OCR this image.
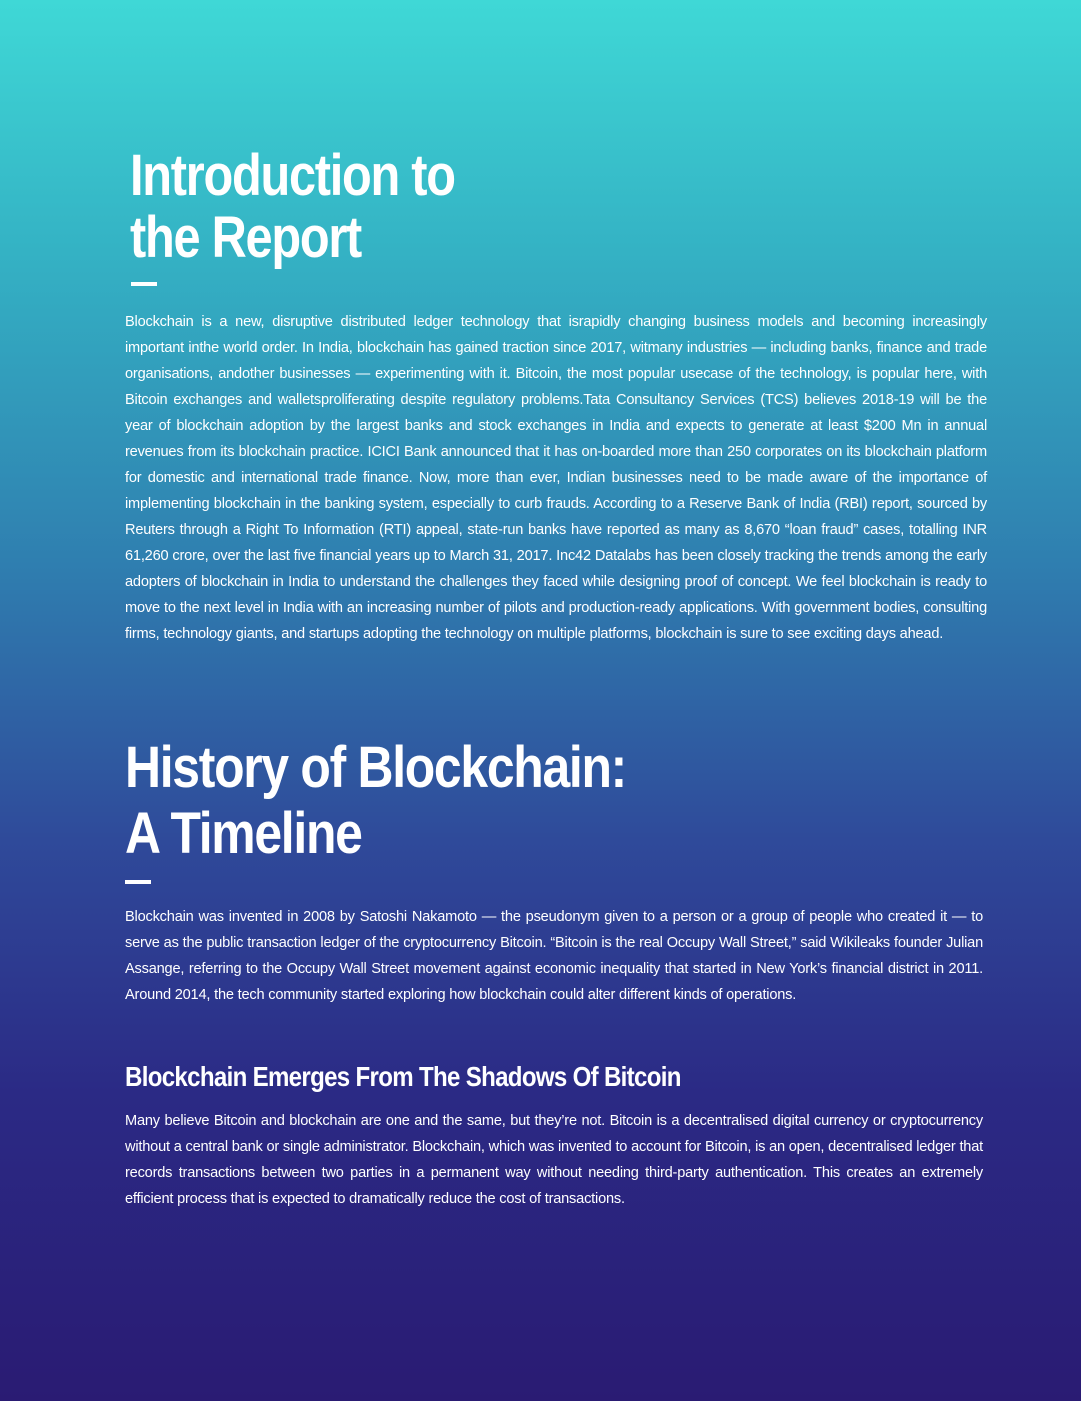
Introduction to
the Report

Blockchain is a new, disruptive distributed ledger technology that israpidly changing business models and becoming increasingly important inthe world order. In India, blockchain has gained traction since 2017, witmany industries — including banks, finance and trade organisations, andother businesses — experimenting with it. Bitcoin, the most popular usecase of the technology, is popular here, with Bitcoin exchanges and walletsproliferating despite regulatory problems.Tata Consultancy Services (TCS) believes 2018-19 will be the year of blockchain adoption by the largest banks and stock exchanges in India and expects to generate at least $200 Mn in annual revenues from its blockchain practice. ICICI Bank announced that it has on-boarded more than 250 corporates on its blockchain platform for domestic and international trade finance. Now, more than ever, Indian businesses need to be made aware of the importance of implementing blockchain in the banking system, especially to curb frauds. According to a Reserve Bank of India (RBI) report, sourced by Reuters through a Right To Information (RTI) appeal, state-run banks have reported as many as 8,670 “loan fraud” cases, totalling INR 61,260 crore, over the last five financial years up to March 31, 2017. Inc42 Datalabs has been closely tracking the trends among the early adopters of blockchain in India to understand the challenges they faced while designing proof of concept. We feel blockchain is ready to move to the next level in India with an increasing number of pilots and production-ready applications. With government bodies, consulting firms, technology giants, and startups adopting the technology on multiple platforms, blockchain is sure to see exciting days ahead.

History of Blockchain:
A Timeline

Blockchain was invented in 2008 by Satoshi Nakamoto — the pseudonym given to a person or a group of people who created it — to serve as the public transaction ledger of the cryptocurrency Bitcoin. “Bitcoin is the real Occupy Wall Street,” said Wikileaks founder Julian Assange, referring to the Occupy Wall Street movement against economic inequality that started in New York’s financial district in 2011. Around 2014, the tech community started exploring how blockchain could alter different kinds of operations.

Blockchain Emerges From The Shadows Of Bitcoin

Many believe Bitcoin and blockchain are one and the same, but they’re not. Bitcoin is a decentralised digital currency or cryptocurrency without a central bank or single administrator. Blockchain, which was invented to account for Bitcoin, is an open, decentralised ledger that records transactions between two parties in a permanent way without needing third-party authentication. This creates an extremely efficient process that is expected to dramatically reduce the cost of transactions.
